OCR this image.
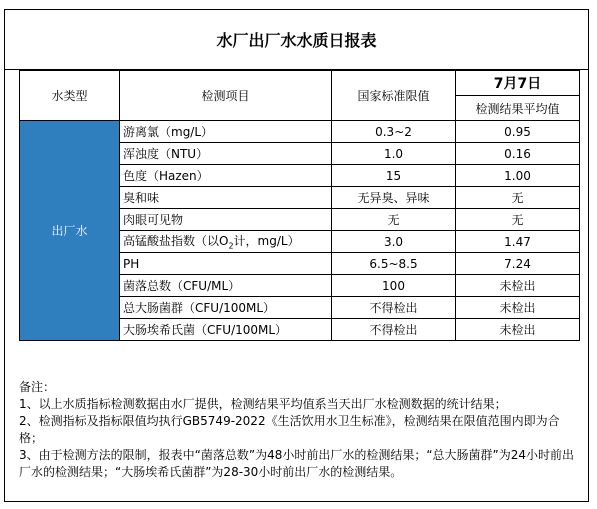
水厂出厂水水质日报表
水类型	检测项目	国家标准限值	7月7日
			检测结果平均值
出厂水	游离氯（mg/L）	0.3~2	0.95
	浑浊度（NTU）	1.0	0.16
	色度（Hazen）	15	1.00
	臭和味	无异臭、异味	无
	肉眼可见物	无	无
	高锰酸盐指数（以$O_2$计，mg/L）	3.0	1.47
	PH	6.5~8.5	7.24
	菌落总数（CFU/ML）	100	未检出
	总大肠菌群（CFU/100ML）	不得检出	未检出
	大肠埃希氏菌（CFU/100ML）	不得检出	未检出
备注：
1、以上水质指标检测数据由水厂提供，检测结果平均值系当天出厂水检测数据的统计结果；
2、检测指标及指标限值均执行GB5749-2022《生活饮用水卫生标准》，检测结果在限值范围内即为合格；
3、由于检测方法的限制，报表中“菌落总数”为48小时前出厂水的检测结果；“总大肠菌群”为24小时前出厂水的检测结果；“大肠埃希氏菌群”为28-30小时前出厂水的检测结果。
